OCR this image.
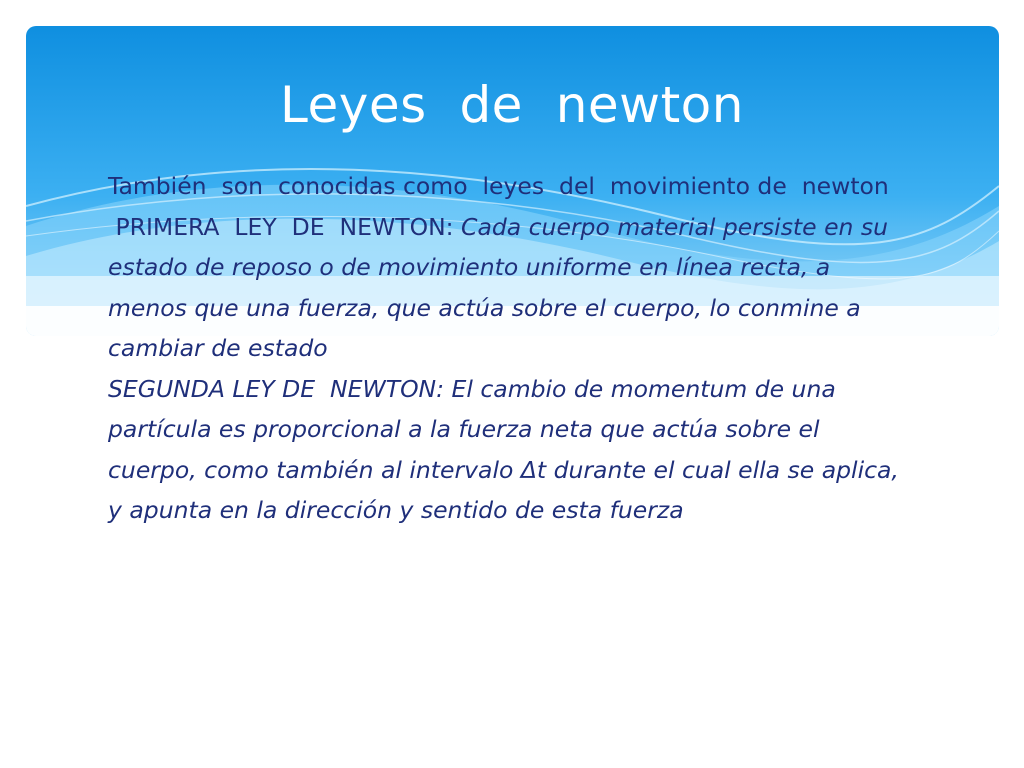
Leyes  de  newton

También  son  conocidas como  leyes  del  movimiento de  newton

PRIMERA  LEY  DE  NEWTON: Cada cuerpo material persiste en su estado de reposo o de movimiento uniforme en línea recta, a menos que una fuerza, que actúa sobre el cuerpo, lo conmine a cambiar de estado

SEGUNDA LEY DE  NEWTON: El cambio de momentum de una partícula es proporcional a la fuerza neta que actúa sobre el cuerpo, como también al intervalo Δt durante el cual ella se aplica, y apunta en la dirección y sentido de esta fuerza
